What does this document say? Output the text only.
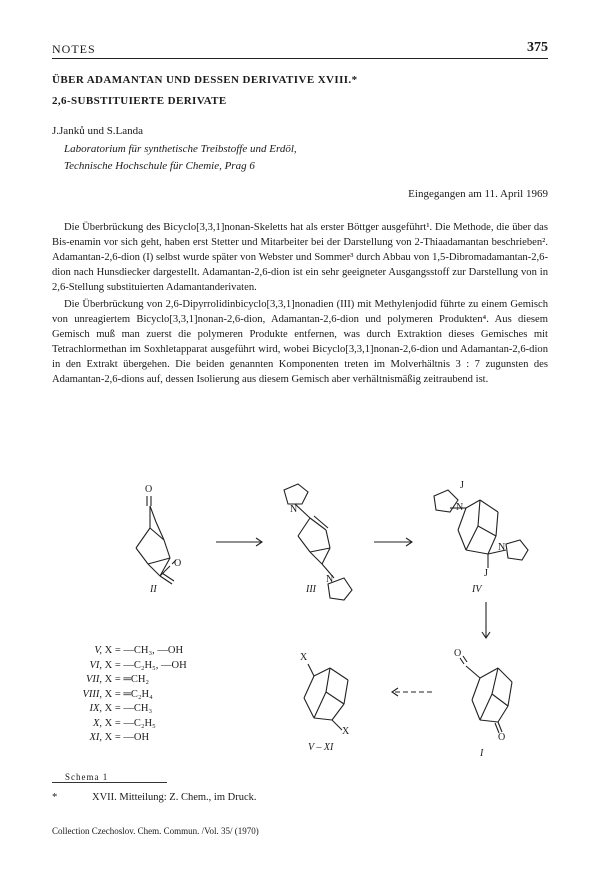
NOTES	375
ÜBER ADAMANTAN UND DESSEN DERIVATIVE XVIII.*
2,6-SUBSTITUIERTE DERIVATE
J.Janků und S.Landa
Laboratorium für synthetische Treibstoffe und Erdöl,
Technische Hochschule für Chemie, Prag 6
Eingegangen am 11. April 1969

Die Überbrückung des Bicyclo[3,3,1]nonan-Skeletts hat als erster Böttger ausgeführt¹. Die Methode, die über das Bis-enamin vor sich geht, haben erst Stetter und Mitarbeiter bei der Darstellung von 2-Thiaadamantan beschrieben². Adamantan-2,6-dion (I) selbst wurde später von Webster und Sommer³ durch Abbau von 1,5-Dibromadamantan-2,6-dion nach Hunsdiecker dargestellt. Adamantan-2,6-dion ist ein sehr geeigneter Ausgangsstoff zur Darstellung von in 2,6-Stellung substituierten Adamantanderivaten.

Die Überbrückung von 2,6-Dipyrrolidinbicyclo[3,3,1]nonadien (III) mit Methylenjodid führte zu einem Gemisch von unreagiertem Bicyclo[3,3,1]nonan-2,6-dion, Adamantan-2,6-dion und polymeren Produkten⁴. Aus diesem Gemisch muß man zuerst die polymeren Produkte entfernen, was durch Extraktion dieses Gemisches mit Tetrachlormethan im Soxhletapparat ausgeführt wird, wobei Bicyclo[3,3,1]nonan-2,6-dion und Adamantan-2,6-dion in den Extrakt übergehen. Die beiden genannten Komponenten treten im Molverhältnis 3 : 7 zugunsten des Adamantan-2,6-dions auf, dessen Isolierung aus diesem Gemisch aber verhältnismäßig zeitraubend ist.

O
O
N
N
J
N
N
J
O
O
X
X
II	III	IV
I
V – XI
V, X = —CH₃, —OH
VI, X = —C₂H₅, —OH
VII, X = ═CH₂
VIII, X = ═C₂H₄
IX, X = —CH₃
X, X = —C₂H₅
XI, X = —OH
Schema 1
*	XVII. Mitteilung: Z. Chem., im Druck.
Collection Czechoslov. Chem. Commun. /Vol. 35/ (1970)
